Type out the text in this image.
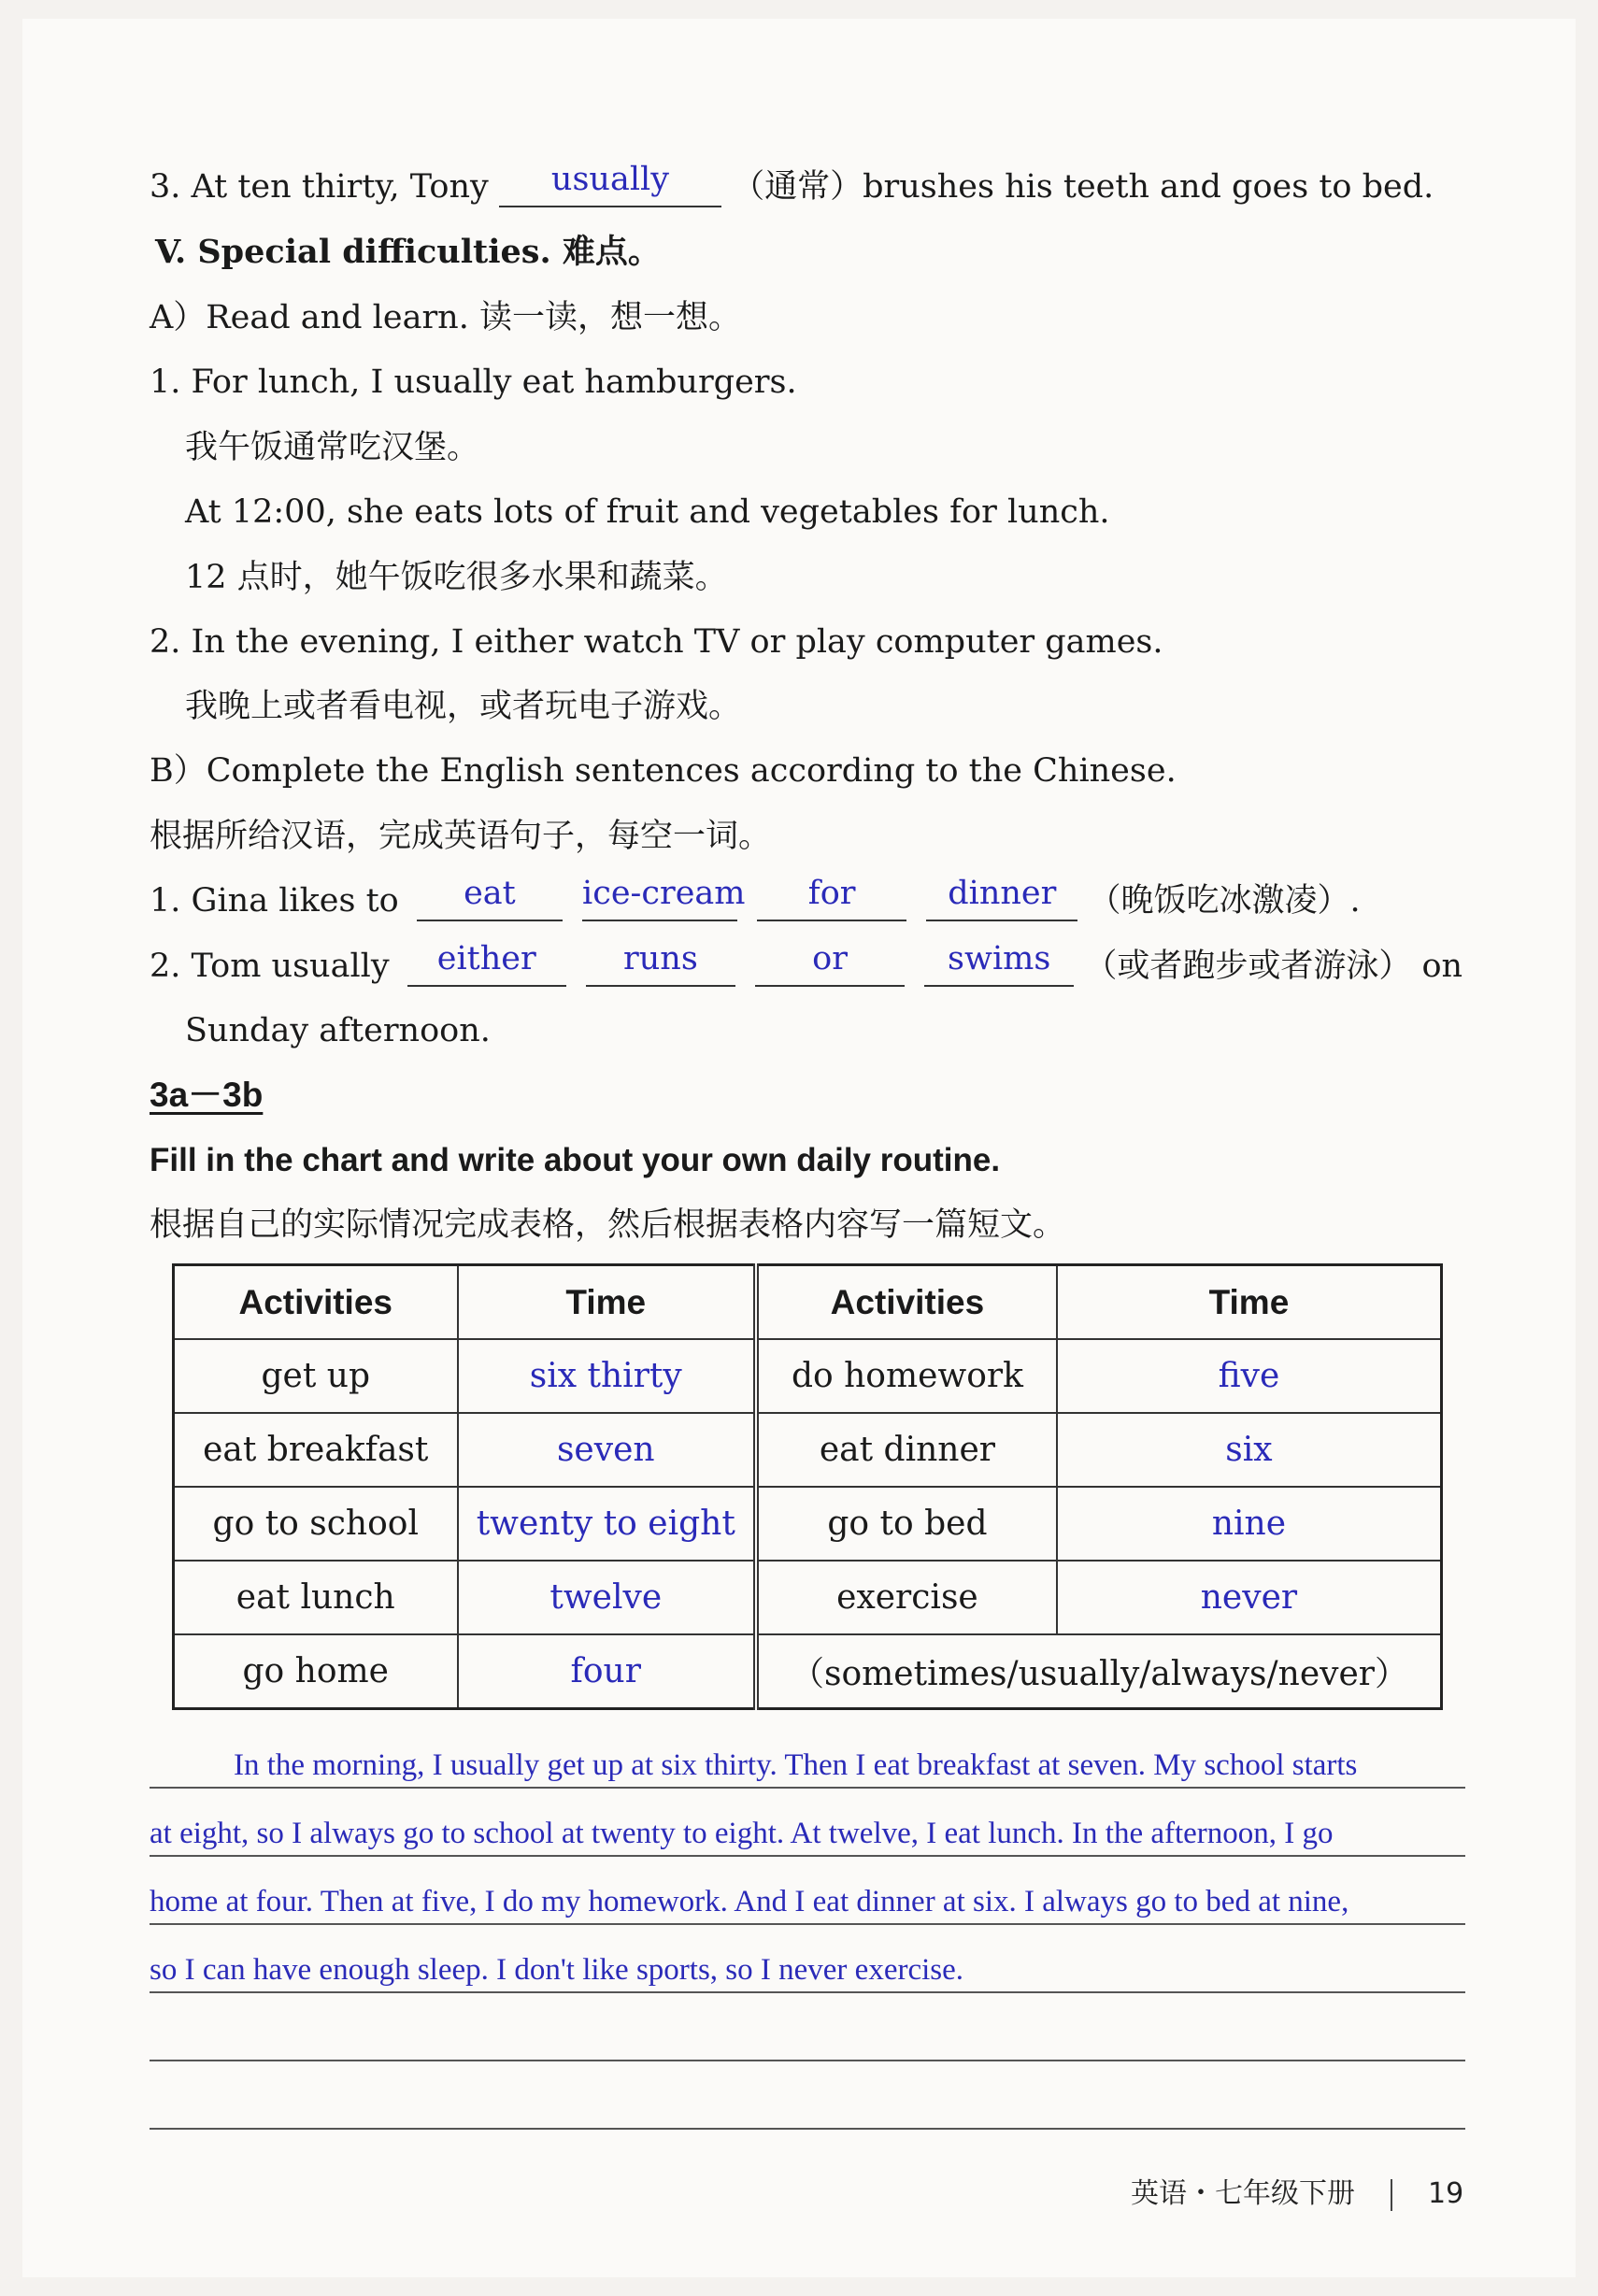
3. At ten thirty, Tony usually （通常）brushes his teeth and goes to bed.
V. Special difficulties. 难点。
A）Read and learn. 读一读，想一想。
1. For lunch, I usually eat hamburgers.
我午饭通常吃汉堡。
At 12:00, she eats lots of fruit and vegetables for lunch.
12 点时，她午饭吃很多水果和蔬菜。
2. In the evening, I either watch TV or play computer games.
我晚上或者看电视，或者玩电子游戏。
B）Complete the English sentences according to the Chinese.
根据所给汉语，完成英语句子，每空一词。
1. Gina likes to eat ice-cream for	dinner （晚饭吃冰激凌）.
2. Tom usually either	runs	or	swims （或者跑步或者游泳） on
Sunday afternoon.
3a－3b
Fill in the chart and write about your own daily routine.
根据自己的实际情况完成表格，然后根据表格内容写一篇短文。
Activities	Time	Activities	Time
get up	six thirty	do homework	five
eat breakfast	seven	eat dinner	six
go to school	twenty to eight	go to bed	nine
eat lunch	twelve	exercise	never
go home	four	（sometimes/usually/always/never）	
In the morning, I usually get up at six thirty. Then I eat breakfast at seven. My school starts
at eight, so I always go to school at twenty to eight. At twelve, I eat lunch. In the afternoon, I go
home at four. Then at five, I do my homework. And I eat dinner at six. I always go to bed at nine,
so I can have enough sleep. I don't like sports, so I never exercise.
英语・七年级下册	19
